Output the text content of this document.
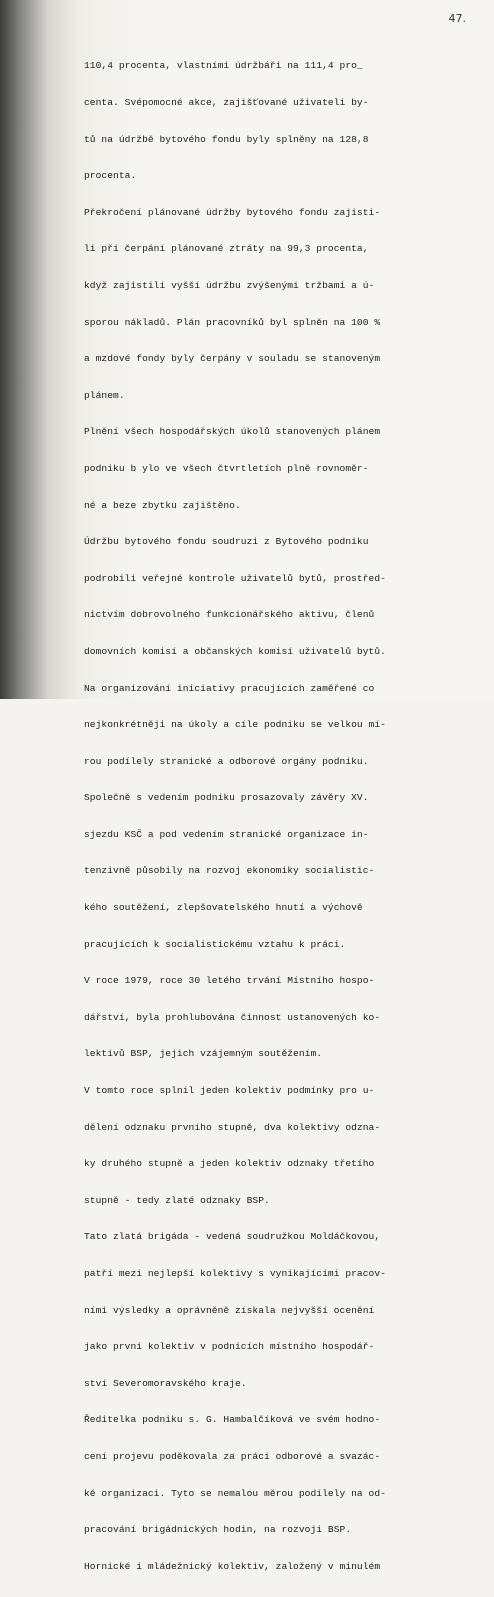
47.

110,4 procenta, vlastními údržbáři na 111,4 pro_

centa. Svépomocné akce, zajišťované uživateli by-

tů na údržbě bytového fondu byly splněny na 128,8

procenta.

Překročení plánované údržby bytového fondu zajisti-

li při čerpání plánované ztráty na 99,3 procenta,

když zajistili vyšší údržbu zvýšenými tržbami a ú-

sporou nákladů. Plán pracovníků byl splněn na 100 %

a mzdové fondy byly čerpány v souladu se stanoveným

plánem.

Plnění všech hospodářských úkolů stanovených plánem

podniku b ylo ve všech čtvrtletích plně rovnoměr-

né a beze zbytku zajištěno.

Údržbu bytového fondu soudruzi z Bytového podniku

podrobili veřejné kontrole uživatelů bytů, prostřed-

nictvím dobrovolného funkcionářského aktivu, členů

domovních komisí a občanských komisí uživatelů bytů.

Na organizování iniciativy pracujících zaměřené co

nejkonkrétněji na úkoly a cíle podniku se velkou mí-

rou podílely stranické a odborové orgány podniku.

Společně s vedením podniku prosazovaly závěry XV.

sjezdu KSČ a pod vedením stranické organizace in-

tenzivně působily na rozvoj ekonomiky socialistic-

kého soutěžení, zlepšovatelského hnutí a výchově

pracujících k socialistickému vztahu k práci.

V roce 1979, roce 30 letého trvání Místního hospo-

dářství, byla prohlubována činnost ustanovených ko-

lektivů BSP, jejich vzájemným soutěžením.

V tomto roce splnil jeden kolektiv podmínky pro u-

dělení odznaku prvního stupně, dva kolektivy odzna-

ky druhého stupně a jeden kolektiv odznaky třetího

stupně - tedy zlaté odznaky BSP.

Tato zlatá brigáda - vedená soudružkou Moldáčkovou,

patří mezi nejlepší kolektivy s vynikajícími pracov-

ními výsledky a oprávněně získala nejvyšší ocenění

jako první kolektiv v podnicích místního hospodář-

ství Severomoravského kraje.

Ředitelka podniku s. G. Hambalčíková ve svém hodno-

cení projevu poděkovala za práci odborové a svazác-

ké organizaci. Tyto se nemalou měrou podílely na od-

pracování brigádnických hodin, na rozvoji BSP.

Hornické i mládežnický kolektiv, založený v minulém
